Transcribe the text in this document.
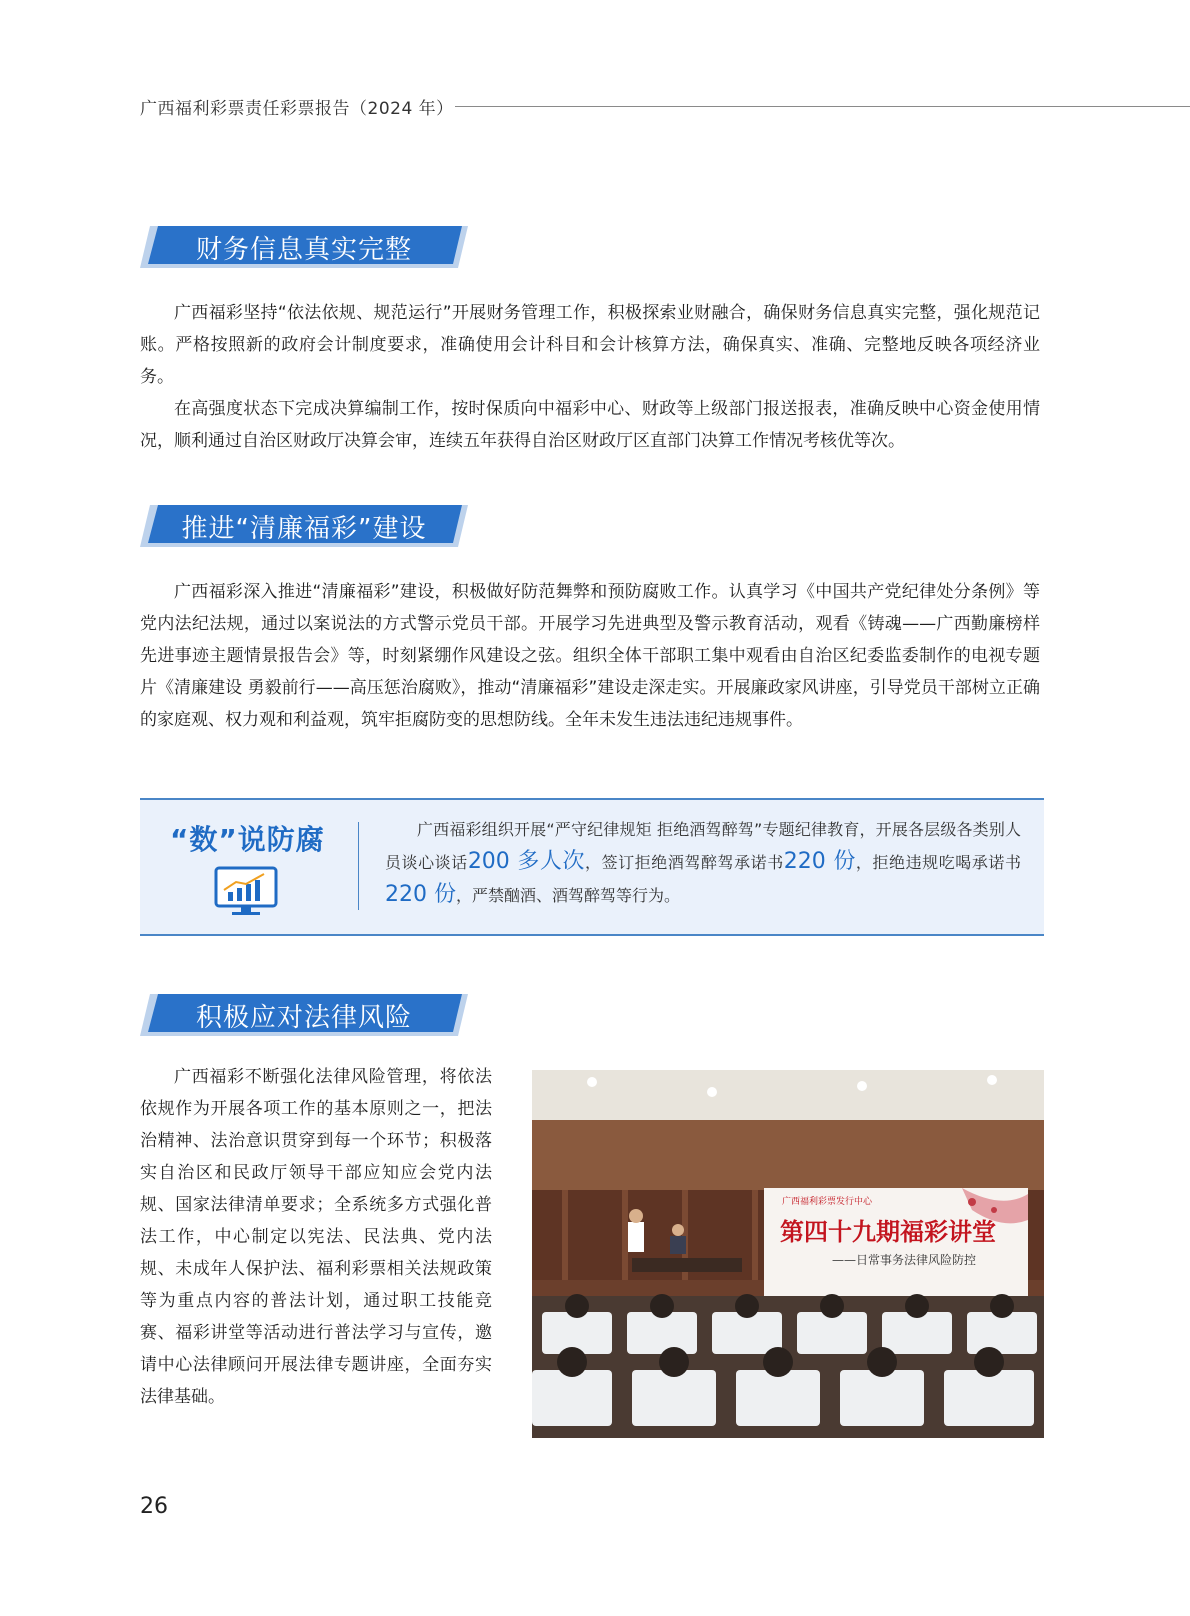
广西福利彩票责任彩票报告（2024 年）
财务信息真实完整

广西福彩坚持“依法依规、规范运行”开展财务管理工作，积极探索业财融合，确保财务信息真实完整，强化规范记账。严格按照新的政府会计制度要求，准确使用会计科目和会计核算方法，确保真实、准确、完整地反映各项经济业务。

在高强度状态下完成决算编制工作，按时保质向中福彩中心、财政等上级部门报送报表，准确反映中心资金使用情况，顺利通过自治区财政厅决算会审，连续五年获得自治区财政厅区直部门决算工作情况考核优等次。

推进“清廉福彩”建设

广西福彩深入推进“清廉福彩”建设，积极做好防范舞弊和预防腐败工作。认真学习《中国共产党纪律处分条例》等党内法纪法规，通过以案说法的方式警示党员干部。开展学习先进典型及警示教育活动，观看《铸魂——广西勤廉榜样先进事迹主题情景报告会》等，时刻紧绷作风建设之弦。组织全体干部职工集中观看由自治区纪委监委制作的电视专题片《清廉建设 勇毅前行——高压惩治腐败》，推动“清廉福彩”建设走深走实。开展廉政家风讲座，引导党员干部树立正确的家庭观、权力观和利益观，筑牢拒腐防变的思想防线。全年未发生违法违纪违规事件。

“数”说防腐	广西福彩组织开展“严守纪律规矩 拒绝酒驾醉驾”专题纪律教育，开展各层级各类别人员谈心谈话200 多人次，签订拒绝酒驾醉驾承诺书220 份，拒绝违规吃喝承诺书220 份，严禁酗酒、酒驾醉驾等行为。
积极应对法律风险

广西福彩不断强化法律风险管理，将依法依规作为开展各项工作的基本原则之一，把法治精神、法治意识贯穿到每一个环节；积极落实自治区和民政厅领导干部应知应会党内法规、国家法律清单要求；全系统多方式强化普法工作，中心制定以宪法、民法典、党内法规、未成年人保护法、福利彩票相关法规政策等为重点内容的普法计划，通过职工技能竞赛、福彩讲堂等活动进行普法学习与宣传，邀请中心法律顾问开展法律专题讲座，全面夯实法律基础。

广西福利彩票发行中心
第四十九期福彩讲堂
——日常事务法律风险防控
26
